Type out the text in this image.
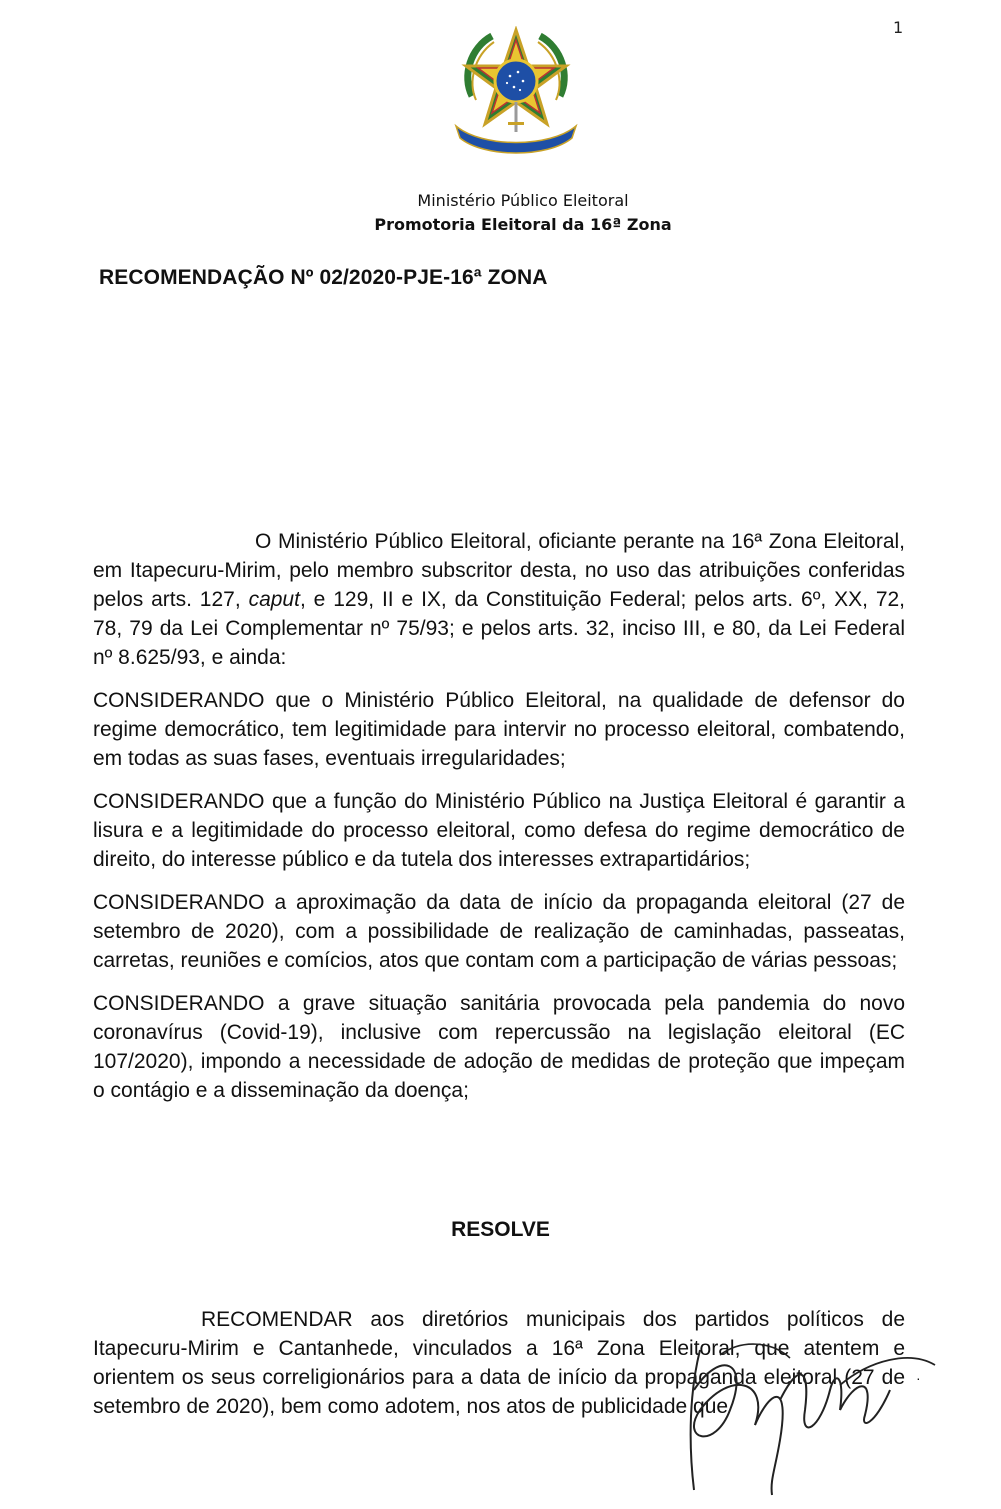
1
Ministério Público Eleitoral
Promotoria Eleitoral da 16ª Zona
RECOMENDAÇÃO Nº 02/2020-PJE-16ª ZONA

O Ministério Público Eleitoral, oficiante perante na 16ª Zona Eleitoral, em Itapecuru-Mirim, pelo membro subscritor desta, no uso das atribuições conferidas pelos arts. 127, caput, e 129, II e IX, da Constituição Federal; pelos arts. 6º, XX, 72, 78, 79 da Lei Complementar nº 75/93; e pelos arts. 32, inciso III, e 80, da Lei Federal nº 8.625/93, e ainda:

CONSIDERANDO que o Ministério Público Eleitoral, na qualidade de defensor do regime democrático, tem legitimidade para intervir no processo eleitoral, combatendo, em todas as suas fases, eventuais irregularidades;

CONSIDERANDO que a função do Ministério Público na Justiça Eleitoral é garantir a lisura e a legitimidade do processo eleitoral, como defesa do regime democrático de direito, do interesse público e da tutela dos interesses extrapartidários;

CONSIDERANDO a aproximação da data de início da propaganda eleitoral (27 de setembro de 2020), com a possibilidade de realização de caminhadas, passeatas, carretas, reuniões e comícios, atos que contam com a participação de várias pessoas;

CONSIDERANDO a grave situação sanitária provocada pela pandemia do novo coronavírus (Covid-19), inclusive com repercussão na legislação eleitoral (EC 107/2020), impondo a necessidade de adoção de medidas de proteção que impeçam o contágio e a disseminação da doença;

RESOLVE

RECOMENDAR aos diretórios municipais dos partidos políticos de Itapecuru-Mirim e Cantanhede, vinculados a 16ª Zona Eleitoral, que atentem e orientem os seus correligionários para a data de início da propaganda eleitoral (27 de setembro de 2020), bem como adotem, nos atos de publicidade que

·
